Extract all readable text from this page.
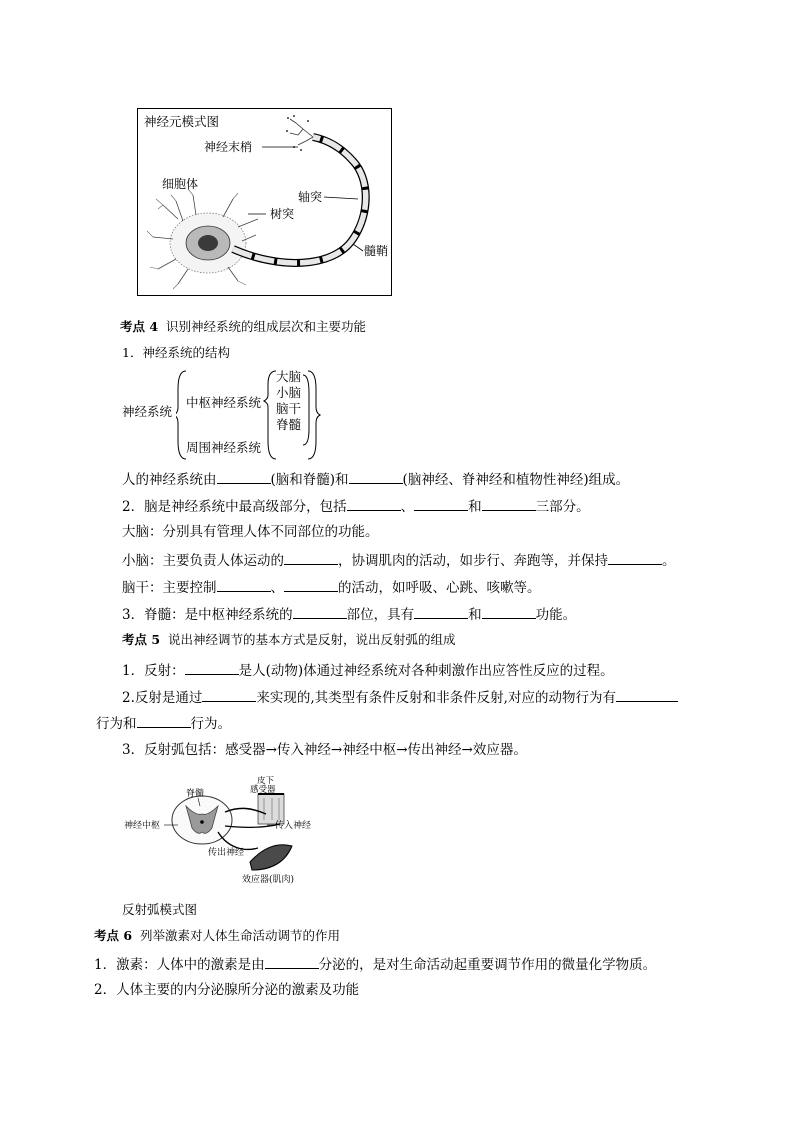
神经元模式图
神经末梢
轴突
细胞体
树突
髓鞘
考点 4 识别神经系统的组成层次和主要功能
1．神经系统的结构
神经系统
中枢神经系统
周围神经系统
大脑
小脑
脑干
脊髓
人的神经系统由	(脑和脊髓)和	(脑神经、脊神经和植物性神经)组成。
2．脑是神经系统中最高级部分，包括	、	和	三部分。
大脑：分别具有管理人体不同部位的功能。
小脑：主要负责人体运动的	，协调肌肉的活动，如步行、奔跑等，并保持	。
脑干：主要控制	、	的活动，如呼吸、心跳、咳嗽等。
3．脊髓：是中枢神经系统的	部位，具有	和	功能。
考点 5 说出神经调节的基本方式是反射，说出反射弧的组成
1．反射：	是人(动物)体通过神经系统对各种刺激作出应答性反应的过程。
2.反射是通过	来实现的,其类型有条件反射和非条件反射,对应的动物行为有
行为和	行为。
3．反射弧包括：感受器→传入神经→神经中枢→传出神经→效应器。
脊髓
皮下
感受器
神经中枢	传入神经
传出神经
效应器(肌肉)
反射弧模式图
考点 6 列举激素对人体生命活动调节的作用
1．激素：人体中的激素是由	分泌的，是对生命活动起重要调节作用的微量化学物质。
2．人体主要的内分泌腺所分泌的激素及功能
